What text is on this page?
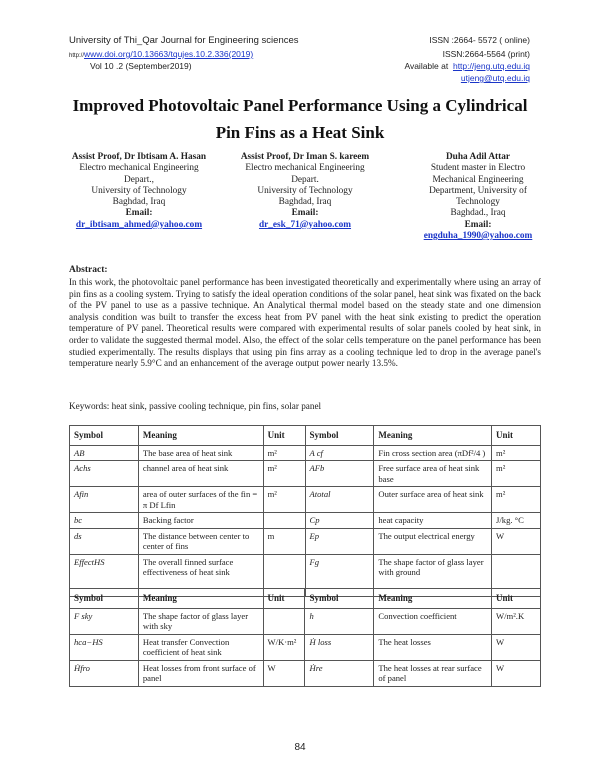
University of Thi_Qar Journal for Engineering sciences
http://www.doi.org/10.13663/tqujes.10.2.336(2019)
Vol 10 .2 (September2019)
ISSN :2664- 5572 ( online)
ISSN:2664-5564 (print)
Available at http://jeng.utq.edu.iq
utjeng@utq.edu.iq
Improved Photovoltaic Panel Performance Using a Cylindrical Pin Fins as a Heat Sink
Assist Proof, Dr Ibtisam A. Hasan
Electro mechanical Engineering Depart.,
University of Technology
Baghdad, Iraq
Email:
dr_ibtisam_ahmed@yahoo.com
Assist Proof, Dr Iman S. kareem
Electro mechanical Engineering Depart.
University of Technology
Baghdad, Iraq
Email:
dr_esk_71@yahoo.com
Duha Adil Attar
Student master in Electro Mechanical Engineering Department, University of Technology
Baghdad., Iraq
Email:
engduha_1990@yahoo.com
Abstract:
In this work, the photovoltaic panel performance has been investigated theoretically and experimentally where using an array of pin fins as a cooling system. Trying to satisfy the ideal operation conditions of the solar panel, heat sink was fixated on the back of the PV panel to use as a passive technique. An Analytical thermal model based on the steady state and one dimension analysis condition was built to transfer the excess heat from PV panel with the heat sink existing to predict the operation temperature of PV panel. Theoretical results were compared with experimental results of solar panels cooled by heat sink, in order to validate the suggested thermal model. Also, the effect of the solar cells temperature on the panel performance has been studied experimentally. The results displays that using pin fins array as a cooling technique led to drop in the average panel's temperature nearly 5.9°C and an enhancement of the average output power nearly 13.5%.
Keywords: heat sink, passive cooling technique, pin fins, solar panel
Symbol	Meaning	Unit	Symbol	Meaning	Unit
AB	The base area of heat sink	m²	A cf	Fin cross section area (πDf²/4 )	m²
Achs	channel area of heat sink	m²	AFb	Free surface area of heat sink base	m²
Afin	area of outer surfaces of the fin = π Df Lfin	m²	Atotal	Outer surface area of heat sink	m²
bc	Backing factor		Cp	heat capacity	J/kg. °C
ds	The distance between center to center of fins	m	Ep	The output electrical energy	W
EffectHS	The overall finned surface effectiveness of heat sink		Fg	The shape factor of glass layer with ground	
Symbol	Meaning	Unit	Symbol	Meaning	Unit
F sky	The shape factor of glass layer with sky		h	Convection coefficient	W/m².K
hca−HS	Heat transfer Convection coefficient of heat sink	W/K·m²	Ḣ loss	The heat losses	W
Ḣfro	Heat losses from front surface of panel	W	Ḣre	The heat losses at rear surface of panel	W
84
